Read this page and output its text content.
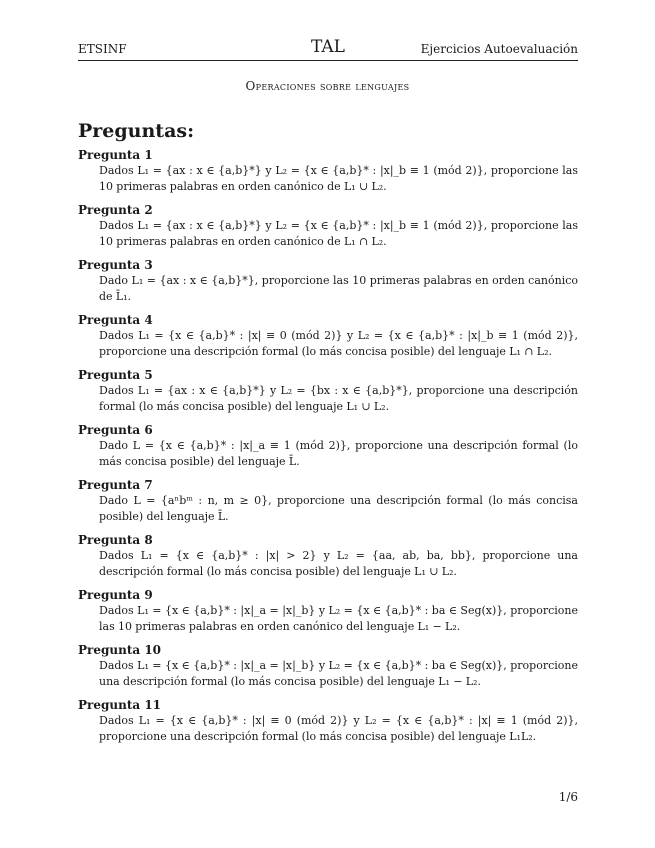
ETSINF	TAL	Ejercicios Autoevaluación
Operaciones sobre lenguajes
Preguntas:
Pregunta 1
Dados L₁ = {ax : x ∈ {a,b}*} y L₂ = {x ∈ {a,b}* : |x|_b ≡ 1 (mód 2)}, proporcione las 10 primeras palabras en orden canónico de L₁ ∪ L₂.
Pregunta 2
Dados L₁ = {ax : x ∈ {a,b}*} y L₂ = {x ∈ {a,b}* : |x|_b ≡ 1 (mód 2)}, proporcione las 10 primeras palabras en orden canónico de L₁ ∩ L₂.
Pregunta 3
Dado L₁ = {ax : x ∈ {a,b}*}, proporcione las 10 primeras palabras en orden canónico de L̄₁.
Pregunta 4
Dados L₁ = {x ∈ {a,b}* : |x| ≡ 0 (mód 2)} y L₂ = {x ∈ {a,b}* : |x|_b ≡ 1 (mód 2)}, proporcione una descripción formal (lo más concisa posible) del lenguaje L₁ ∩ L₂.
Pregunta 5
Dados L₁ = {ax : x ∈ {a,b}*} y L₂ = {bx : x ∈ {a,b}*}, proporcione una descripción formal (lo más concisa posible) del lenguaje L₁ ∪ L₂.
Pregunta 6
Dado L = {x ∈ {a,b}* : |x|_a ≡ 1 (mód 2)}, proporcione una descripción formal (lo más concisa posible) del lenguaje L̄.
Pregunta 7
Dado L = {aⁿbᵐ : n, m ≥ 0}, proporcione una descripción formal (lo más concisa posible) del lenguaje L̄.
Pregunta 8
Dados L₁ = {x ∈ {a,b}* : |x| > 2} y L₂ = {aa, ab, ba, bb}, proporcione una descripción formal (lo más concisa posible) del lenguaje L₁ ∪ L₂.
Pregunta 9
Dados L₁ = {x ∈ {a,b}* : |x|_a = |x|_b} y L₂ = {x ∈ {a,b}* : ba ∈ Seg(x)}, proporcione las 10 primeras palabras en orden canónico del lenguaje L₁ − L₂.
Pregunta 10
Dados L₁ = {x ∈ {a,b}* : |x|_a = |x|_b} y L₂ = {x ∈ {a,b}* : ba ∈ Seg(x)}, proporcione una descripción formal (lo más concisa posible) del lenguaje L₁ − L₂.
Pregunta 11
Dados L₁ = {x ∈ {a,b}* : |x| ≡ 0 (mód 2)} y L₂ = {x ∈ {a,b}* : |x| ≡ 1 (mód 2)}, proporcione una descripción formal (lo más concisa posible) del lenguaje L₁L₂.
1/6
